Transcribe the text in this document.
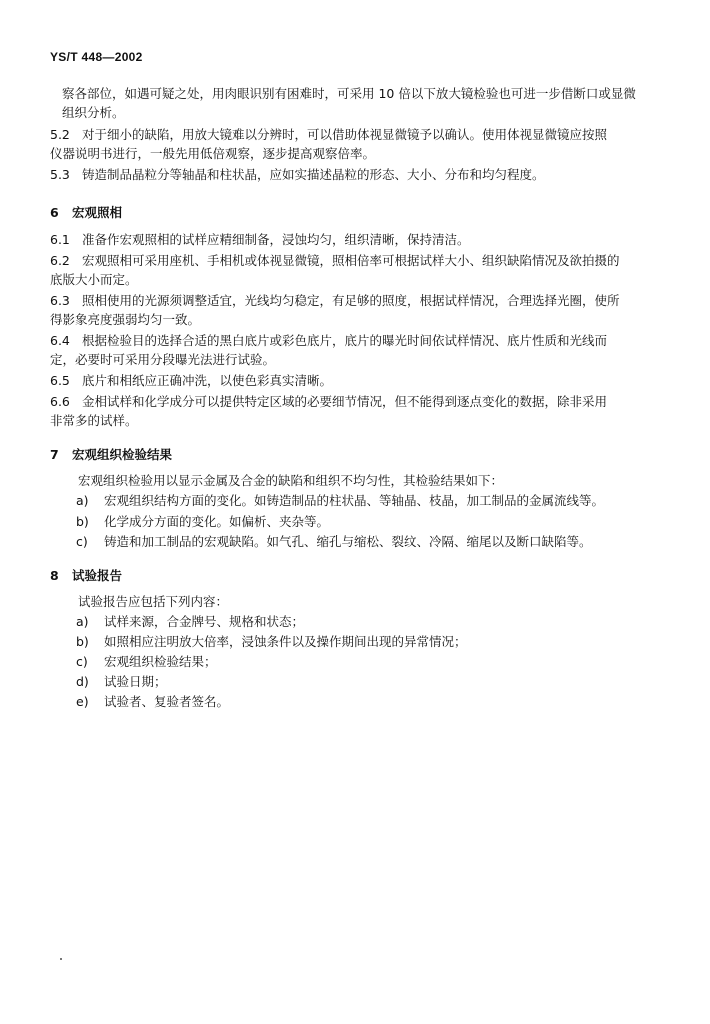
YS/T 448—2002
察各部位，如遇可疑之处，用肉眼识别有困难时，可采用 10 倍以下放大镜检验也可进一步借断口或显微
组织分析。
5.2 对于细小的缺陷，用放大镜难以分辨时，可以借助体视显微镜予以确认。使用体视显微镜应按照
仪器说明书进行，一般先用低倍观察，逐步提高观察倍率。
5.3 铸造制品晶粒分等轴晶和柱状晶，应如实描述晶粒的形态、大小、分布和均匀程度。
6 宏观照相
6.1 准备作宏观照相的试样应精细制备，浸蚀均匀，组织清晰，保持清洁。
6.2 宏观照相可采用座机、手相机或体视显微镜，照相倍率可根据试样大小、组织缺陷情况及欲拍摄的
底版大小而定。
6.3 照相使用的光源须调整适宜，光线均匀稳定，有足够的照度，根据试样情况，合理选择光圈，使所
得影象亮度强弱均匀一致。
6.4 根据检验目的选择合适的黑白底片或彩色底片，底片的曝光时间依试样情况、底片性质和光线而
定，必要时可采用分段曝光法进行试验。
6.5 底片和相纸应正确冲洗，以使色彩真实清晰。
6.6 金相试样和化学成分可以提供特定区域的必要细节情况，但不能得到逐点变化的数据，除非采用
非常多的试样。
7 宏观组织检验结果
宏观组织检验用以显示金属及合金的缺陷和组织不均匀性，其检验结果如下：
a) 宏观组织结构方面的变化。如铸造制品的柱状晶、等轴晶、枝晶，加工制品的金属流线等。
b) 化学成分方面的变化。如偏析、夹杂等。
c) 铸造和加工制品的宏观缺陷。如气孔、缩孔与缩松、裂纹、冷隔、缩尾以及断口缺陷等。
8 试验报告
试验报告应包括下列内容：
a) 试样来源，合金牌号、规格和状态；
b) 如照相应注明放大倍率，浸蚀条件以及操作期间出现的异常情况；
c) 宏观组织检验结果；
d) 试验日期；
e) 试验者、复验者签名。
